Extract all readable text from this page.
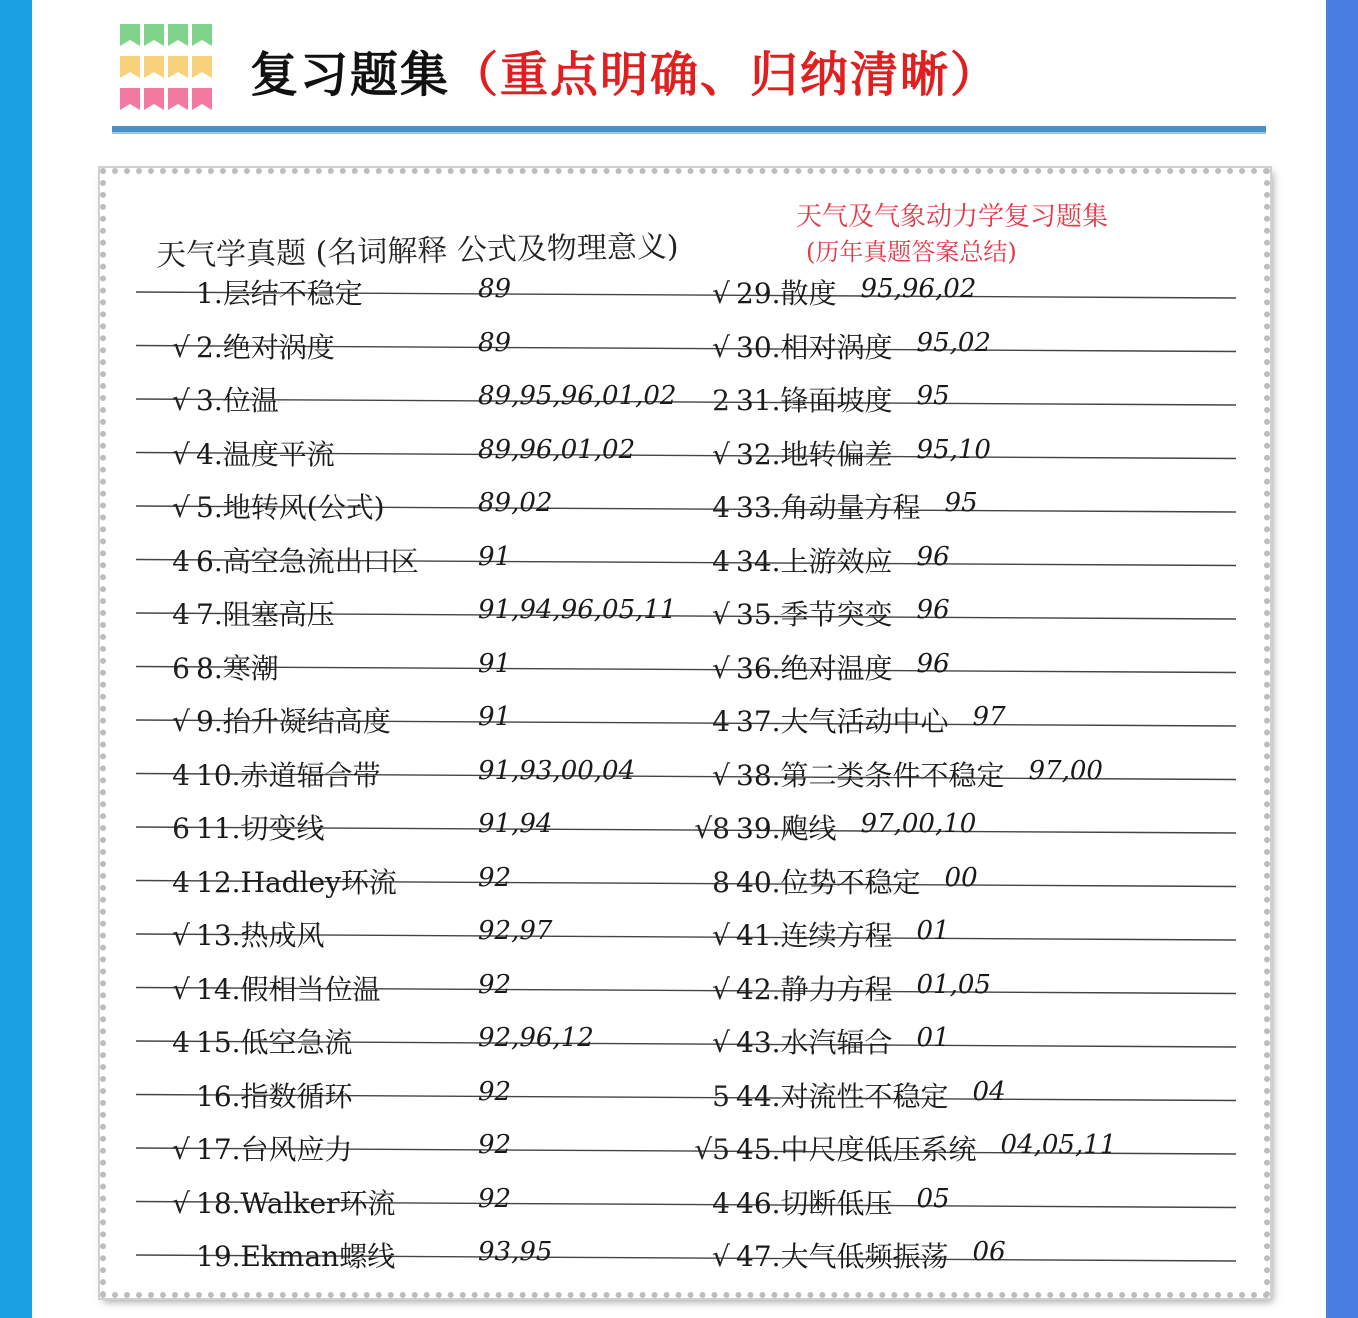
复习题集（重点明确、归纳清晰）
天气及气象动力学复习题集
(历年真题答案总结)
天气学真题 (名词解释 公式及物理意义)
1.层结不稳定	89
√ 2.绝对涡度	89
√ 3.位温	89,95,96,01,02
√ 4.温度平流	89,96,01,02
√ 5.地转风(公式)	89,02
4 6.高空急流出口区 91
4 7.阻塞高压	91,94,96,05,11
6 8.寒潮	91
√ 9.抬升凝结高度	91
4 10.赤道辐合带	91,93,00,04
6 11.切变线	91,94
4 12.Hadley环流	92
√ 13.热成风	92,97
√ 14.假相当位温	92
4 15.低空急流	92,96,12
16.指数循环	92
√ 17.台风应力	92
√ 18.Walker环流	92
19.Ekman螺线	93,95
√ 29.散度 95,96,02
√ 30.相对涡度 95,02
2 31.锋面坡度 95
√ 32.地转偏差 95,10
4 33.角动量方程 95
4 34.上游效应 96
√ 35.季节突变 96
√ 36.绝对温度 96
4 37.大气活动中心 97
√ 38.第二类条件不稳定 97,00
√8 39.飑线 97,00,10
8 40.位势不稳定 00
√ 41.连续方程 01
√ 42.静力方程 01,05
√ 43.水汽辐合 01
5 44.对流性不稳定 04
√5 45.中尺度低压系统 04,05,11
4 46.切断低压 05
√ 47.大气低频振荡 06
